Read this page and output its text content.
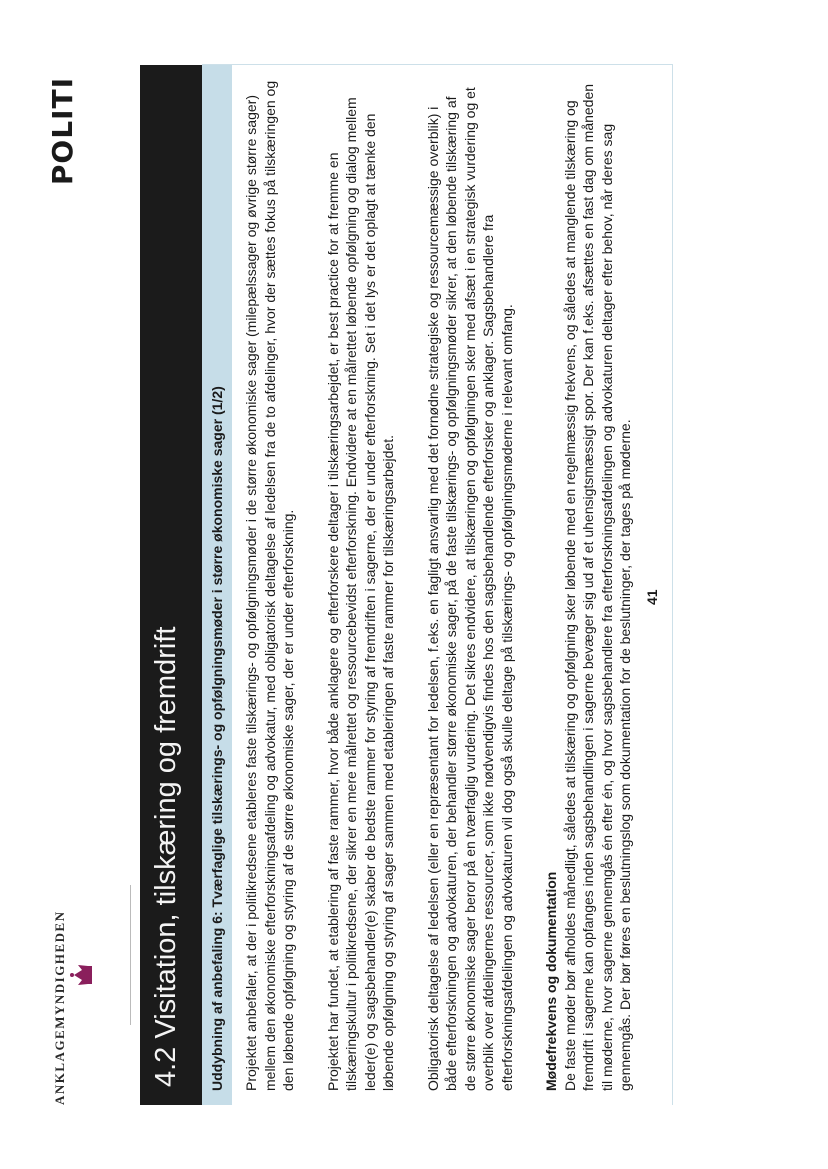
ANKLAGEMYNDIGHEDEN
POLITI
4.2 Visitation, tilskæring og fremdrift	Uddybning af anbefaling 6: Tværfaglige tilskærings- og opfølgningsmøder i større økonomiske sager (1/2)	Projektet anbefaler, at der i politikredsene etableres faste tilskærings- og opfølgningsmøder i de større økonomiske sager (milepælssager og øvrige større sager) mellem den økonomiske efterforskningsafdeling og advokatur, med obligatorisk deltagelse af ledelsen fra de to afdelinger, hvor der sættes fokus på tilskæringen og den løbende opfølgning og styring af de større økonomiske sager, der er under efterforskning. Projektet har fundet, at etablering af faste rammer, hvor både anklagere og efterforskere deltager i tilskæringsarbejdet, er best practice for at fremme en tilskæringskultur i politikredsene, der sikrer en mere målrettet og ressourcebevidst efterforskning. Endvidere at en målrettet løbende opfølgning og dialog mellem leder(e) og sagsbehandler(e) skaber de bedste rammer for styring af fremdriften i sagerne, der er under efterforskning. Set i det lys er det oplagt at tænke den løbende opfølgning og styring af sager sammen med etableringen af faste rammer for tilskæringsarbejdet. Obligatorisk deltagelse af ledelsen (eller en repræsentant for ledelsen, f.eks. en fagligt ansvarlig med det fornødne strategiske og ressourcemæssige overblik) i både efterforskningen og advokaturen, der behandler større økonomiske sager, på de faste tilskærings- og opfølgningsmøder sikrer, at den løbende tilskæring af de større økonomiske sager beror på en tværfaglig vurdering. Det sikres endvidere, at tilskæringen og opfølgningen sker med afsæt i en strategisk vurdering og et overblik over afdelingernes ressourcer, som ikke nødvendigvis findes hos den sagsbehandlende efterforsker og anklager. Sagsbehandlere fra efterforskningsafdelingen og advokaturen vil dog også skulle deltage på tilskærings- og opfølgningsmøderne i relevant omfang. Mødefrekvens og dokumentation De faste møder bør afholdes månedligt, således at tilskæring og opfølgning sker løbende med en regelmæssig frekvens, og således at manglende tilskæring og fremdrift i sagerne kan opfanges inden sagsbehandlingen i sagerne bevæger sig ud af et uhensigtsmæssigt spor. Der kan f.eks. afsættes en fast dag om måneden til møderne, hvor sagerne gennemgås én efter én, og hvor sagsbehandlere fra efterforskningsafdelingen og advokaturen deltager efter behov, når deres sag gennemgås. Der bør føres en beslutningslog som dokumentation for de beslutninger, der tages på møderne. 41
